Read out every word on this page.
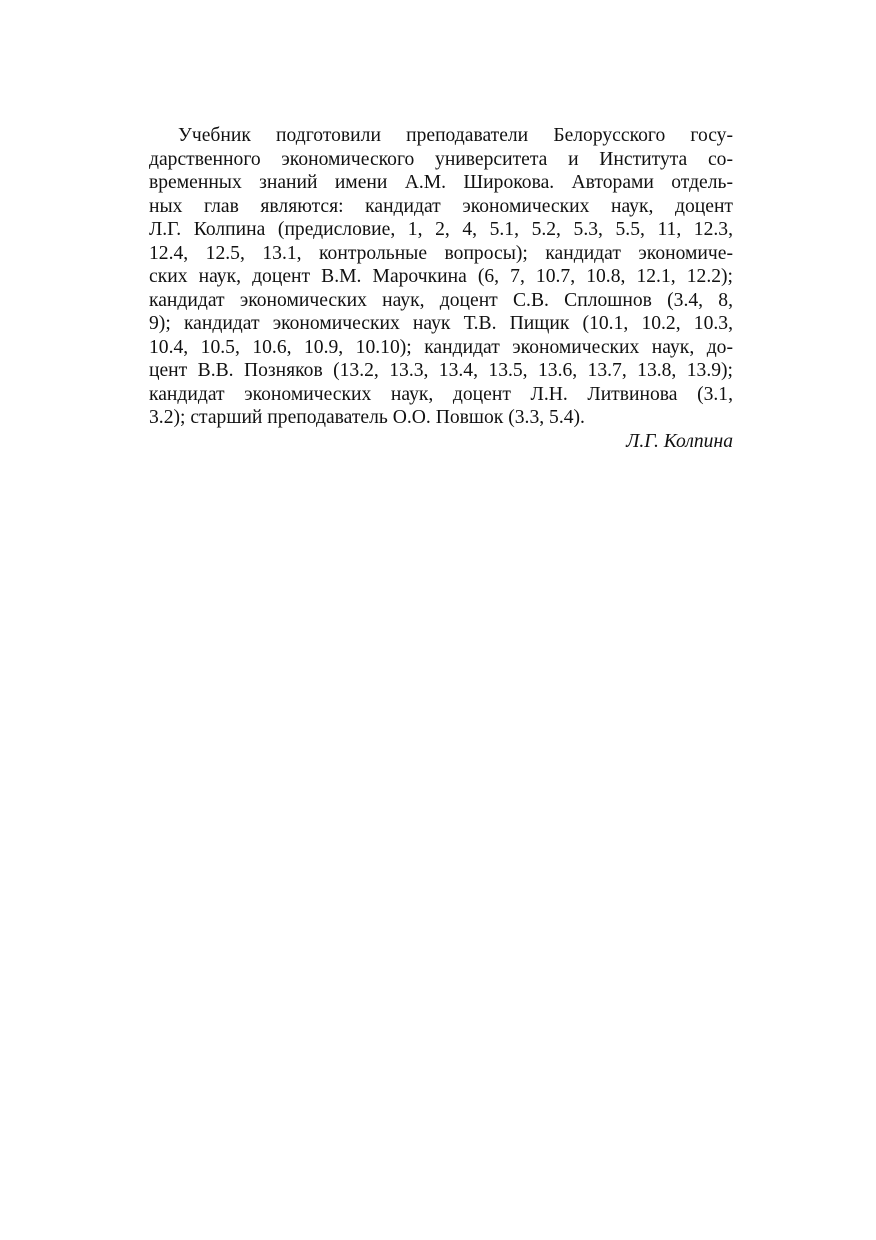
Учебник подготовили преподаватели Белорусского госу-
дарственного экономического университета и Института со-
временных знаний имени А.М. Широкова. Авторами отдель-
ных глав являются: кандидат экономических наук, доцент
Л.Г. Колпина (предисловие, 1, 2, 4, 5.1, 5.2, 5.3, 5.5, 11, 12.3,
12.4, 12.5, 13.1, контрольные вопросы); кандидат экономиче-
ских наук, доцент В.М. Марочкина (6, 7, 10.7, 10.8, 12.1, 12.2);
кандидат экономических наук, доцент С.В. Сплошнов (3.4, 8,
9); кандидат экономических наук Т.В. Пищик (10.1, 10.2, 10.3,
10.4, 10.5, 10.6, 10.9, 10.10); кандидат экономических наук, до-
цент В.В. Позняков (13.2, 13.3, 13.4, 13.5, 13.6, 13.7, 13.8, 13.9);
кандидат экономических наук, доцент Л.Н. Литвинова (3.1,
3.2); старший преподаватель О.О. Повшок (3.3, 5.4).
Л.Г. Колпина
